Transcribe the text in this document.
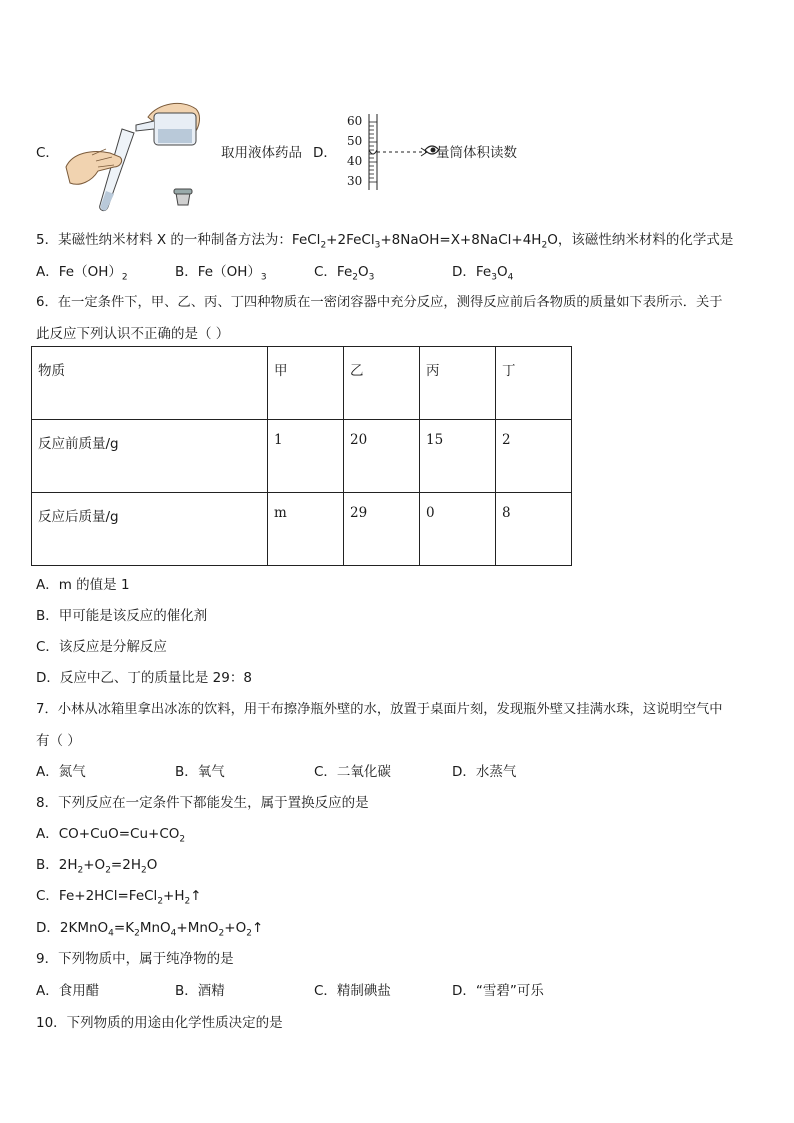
C．	取用液体药品 D．
60
50
40
30
量筒体积读数
5．某磁性纳米材料 X 的一种制备方法为：$FeCl_2+2FeCl_3+8NaOH=X+8NaCl+4H_2O$，该磁性纳米材料的化学式是
A．$Fe(OH)_2$	B．$Fe(OH)_3$	C．$Fe_2O_3$	D．$Fe_3O_4$
6．在一定条件下，甲、乙、丙、丁四种物质在一密闭容器中充分反应，测得反应前后各物质的质量如下表所示．关于
此反应下列认识不正确的是（ ）
物质	甲	乙	丙	丁
反应前质量/g	1	20	15	2
反应后质量/g	m	29	0	8
A．m 的值是 1
B．甲可能是该反应的催化剂
C．该反应是分解反应
D．反应中乙、丁的质量比是 29：8
7．小林从冰箱里拿出冰冻的饮料，用干布擦净瓶外壁的水，放置于桌面片刻，发现瓶外壁又挂满水珠，这说明空气中
有（ ）
A．氮气	B．氧气	C．二氧化碳	D．水蒸气
8．下列反应在一定条件下都能发生，属于置换反应的是
A．$CO+CuO=Cu+CO_2$
B．$2H_2+O_2=2H_2O$
C．$Fe+2HCl=FeCl_2+H_2↑$
D．$2KMnO_4=K_2MnO_4+MnO_2+O_2↑$
9．下列物质中，属于纯净物的是
A．食用醋	B．酒精	C．精制碘盐	D．“雪碧”可乐
10．下列物质的用途由化学性质决定的是
